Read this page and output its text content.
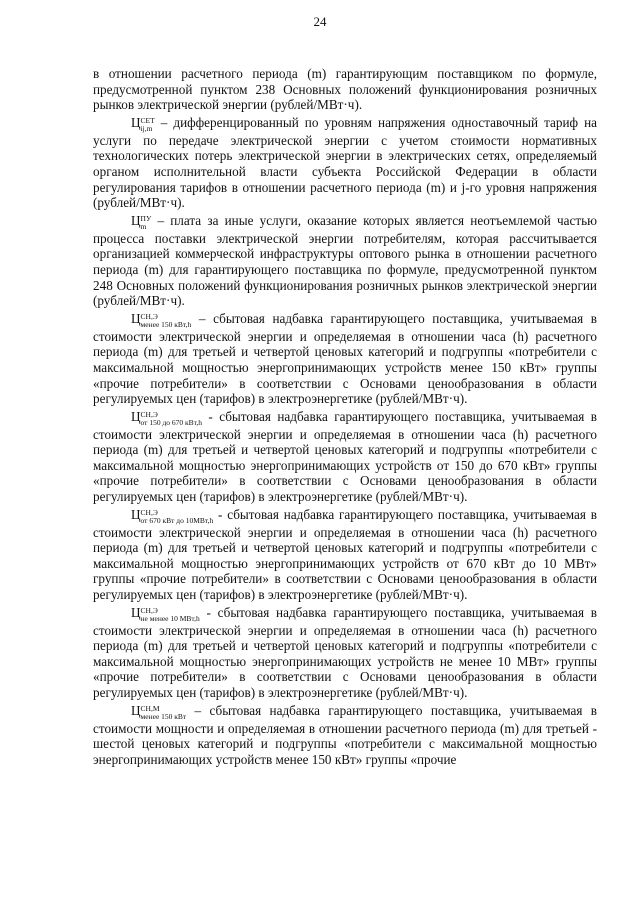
24

в отношении расчетного периода (m) гарантирующим поставщиком по формуле, предусмотренной пунктом 238 Основных положений функционирования розничных рынков электрической энергии (рублей/МВт·ч).

Ц СЕТ
ij,m – дифференцированный по уровням напряжения одноставочный тариф на услуги по передаче электрической энергии с учетом стоимости нормативных технологических потерь электрической энергии в электрических сетях, определяемый органом исполнительной власти субъекта Российской Федерации в области регулирования тарифов в отношении расчетного периода (m) и j-го уровня напряжения (рублей/МВт·ч).

Ц ПУ
m – плата за иные услуги, оказание которых является неотъемлемой частью процесса поставки электрической энергии потребителям, которая рассчитывается организацией коммерческой инфраструктуры оптового рынка в отношении расчетного периода (m) для гарантирующего поставщика по формуле, предусмотренной пунктом 248 Основных положений функционирования розничных рынков электрической энергии (рублей/МВт·ч).

Ц СН,Э
менее 150 кВт,h – сбытовая надбавка гарантирующего поставщика, учитываемая в стоимости электрической энергии и определяемая в отношении часа (h) расчетного периода (m) для третьей и четвертой ценовых категорий и подгруппы «потребители с максимальной мощностью энергопринимающих устройств менее 150 кВт» группы «прочие потребители» в соответствии с Основами ценообразования в области регулируемых цен (тарифов) в электроэнергетике (рублей/МВт·ч).

Ц СН,Э
от 150 до 670 кВт,h - сбытовая надбавка гарантирующего поставщика, учитываемая в стоимости электрической энергии и определяемая в отношении часа (h) расчетного периода (m) для третьей и четвертой ценовых категорий и подгруппы «потребители с максимальной мощностью энергопринимающих устройств от 150 до 670 кВт» группы «прочие потребители» в соответствии с Основами ценообразования в области регулируемых цен (тарифов) в электроэнергетике (рублей/МВт·ч).

Ц СН,Э
от 670 кВт до 10МВт,h - сбытовая надбавка гарантирующего поставщика, учитываемая в стоимости электрической энергии и определяемая в отношении часа (h) расчетного периода (m) для третьей и четвертой ценовых категорий и подгруппы «потребители с максимальной мощностью энергопринимающих устройств от 670 кВт до 10 МВт» группы «прочие потребители» в соответствии с Основами ценообразования в области регулируемых цен (тарифов) в электроэнергетике (рублей/МВт·ч).

Ц СН,Э
не менее 10 МВт,h - сбытовая надбавка гарантирующего поставщика, учитываемая в стоимости электрической энергии и определяемая в отношении часа (h) расчетного периода (m) для третьей и четвертой ценовых категорий и подгруппы «потребители с максимальной мощностью энергопринимающих устройств не менее 10 МВт» группы «прочие потребители» в соответствии с Основами ценообразования в области регулируемых цен (тарифов) в электроэнергетике (рублей/МВт·ч).

Ц СН,М
менее 150 кВт – сбытовая надбавка гарантирующего поставщика, учитываемая в стоимости мощности и определяемая в отношении расчетного периода (m) для третьей - шестой ценовых категорий и подгруппы «потребители с максимальной мощностью энергопринимающих устройств менее 150 кВт» группы «прочие
